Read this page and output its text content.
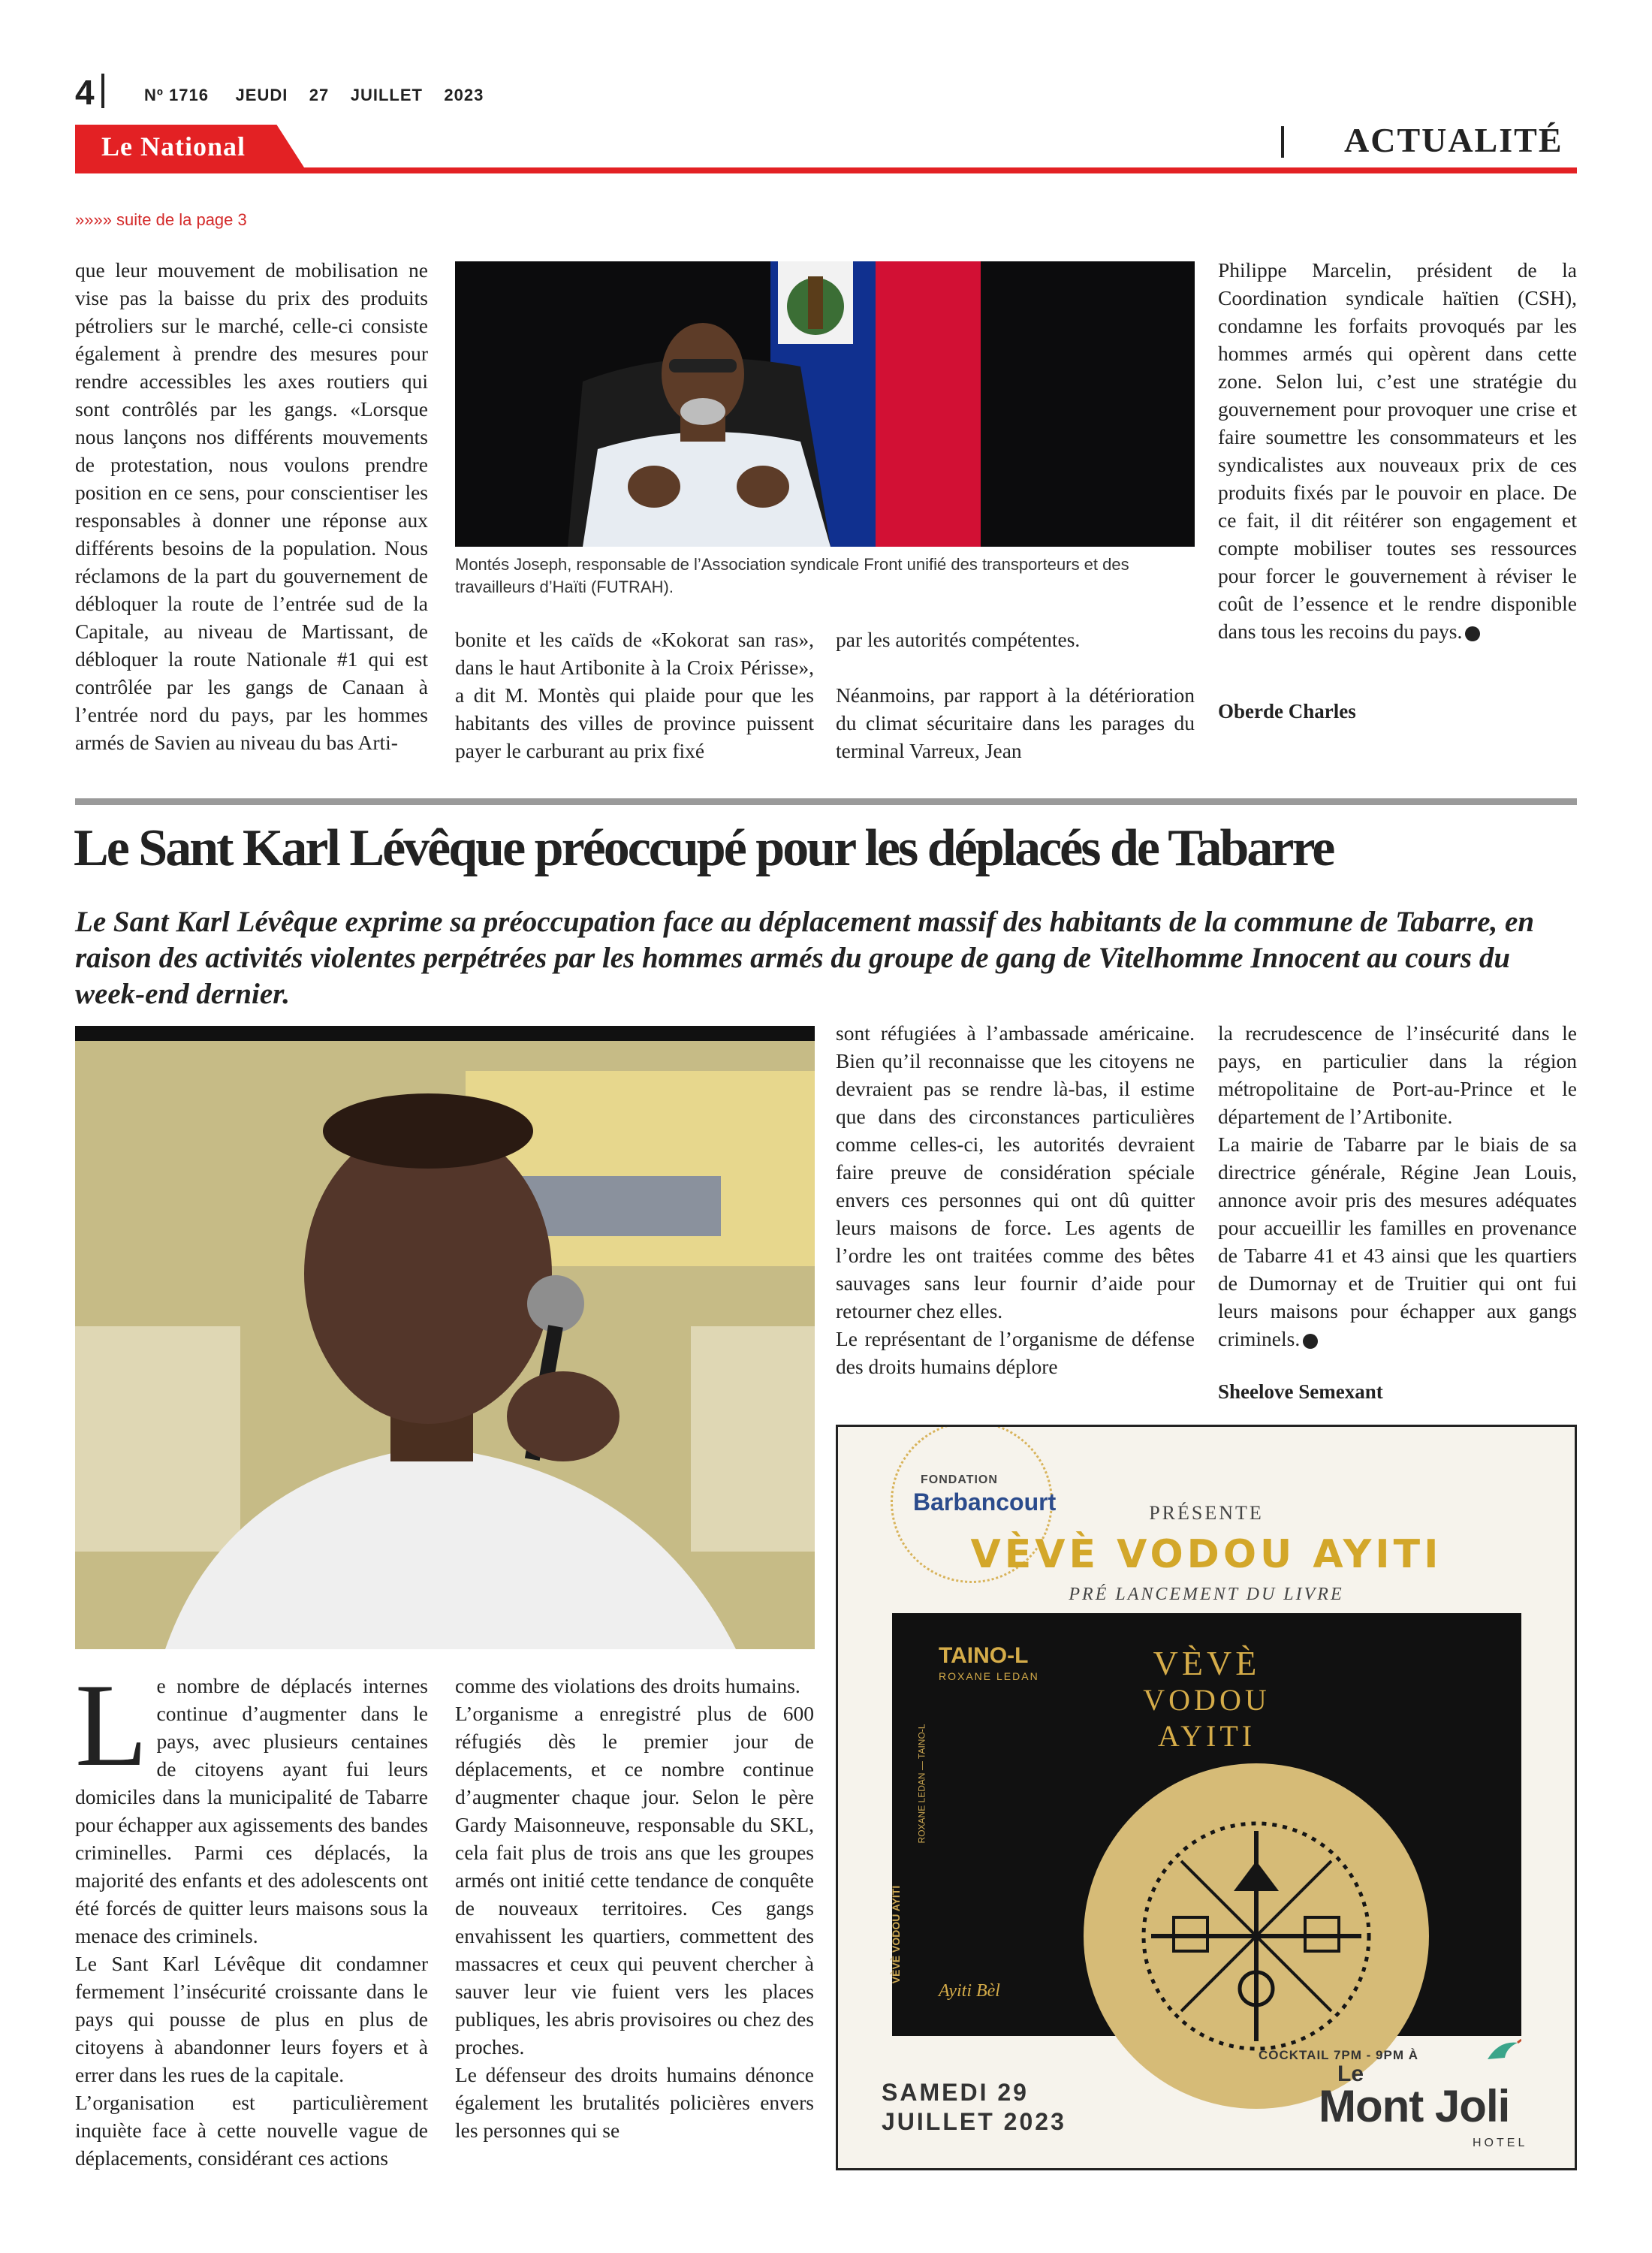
4	Nº 1716 JEUDI 27 JUILLET 2023
Le National	ACTUALITÉ
»»»» suite de la page 3
que leur mouvement de mobilisation ne vise pas la baisse du prix des produits pétroliers sur le marché, celle-ci consiste également à prendre des mesures pour rendre accessibles les axes routiers qui sont contrôlés par les gangs. «Lorsque nous lançons nos différents mouvements de protestation, nous voulons prendre position en ce sens, pour conscientiser les responsables à donner une réponse aux différents besoins de la population. Nous réclamons de la part du gouvernement de débloquer la route de l’entrée sud de la Capitale, au niveau de Martissant, de débloquer la route Nationale #1 qui est contrôlée par les gangs de Canaan à l’entrée nord du pays, par les hommes armés de Savien au niveau du bas Arti-
Montés Joseph, responsable de l’Association syndicale Front unifié des transporteurs et des travailleurs d’Haïti (FUTRAH).
bonite et les caïds de «Kokorat san ras», dans le haut Artibonite à la Croix Périsse», a dit M. Montès qui plaide pour que les habitants des villes de province puissent payer le carburant au prix fixé

par les autorités compétentes.

Néanmoins, par rapport à la détérioration du climat sécuritaire dans les parages du terminal Varreux, Jean

Philippe Marcelin, président de la Coordination syndicale haïtien (CSH), condamne les forfaits provoqués par les hommes armés qui opèrent dans cette zone. Selon lui, c’est une stratégie du gouvernement pour provoquer une crise et faire soumettre les consommateurs et les syndicalistes aux nouveaux prix de ces produits fixés par le pouvoir en place. De ce fait, il dit réitérer son engagement et compte mobiliser toutes ses ressources pour forcer le gouvernement à réviser le coût de l’essence et le rendre disponible dans tous les recoins du pays.
Oberde Charles
Le Sant Karl Lévêque préoccupé pour les déplacés de Tabarre
Le Sant Karl Lévêque exprime sa préoccupation face au déplacement massif des habitants de la commune de Tabarre, en raison des activités violentes perpétrées par les hommes armés du groupe de gang de Vitelhomme Innocent au cours du week-end dernier.
L e nombre de déplacés internes continue d’augmenter dans le pays, avec plusieurs centaines de citoyens ayant fui leurs domiciles dans la municipalité de Tabarre pour échapper aux agissements des bandes criminelles. Parmi ces déplacés, la majorité des enfants et des adolescents ont été forcés de quitter leurs maisons sous la menace des criminels.

Le Sant Karl Lévêque dit condamner fermement l’insécurité croissante dans le pays qui pousse de plus en plus de citoyens à abandonner leurs foyers et à errer dans les rues de la capitale.

L’organisation est particulièrement inquiète face à cette nouvelle vague de déplacements, considérant ces actions

comme des violations des droits humains.

L’organisme a enregistré plus de 600 réfugiés dès le premier jour de déplacements, et ce nombre continue d’augmenter chaque jour. Selon le père Gardy Maisonneuve, responsable du SKL, cela fait plus de trois ans que les groupes armés ont initié cette tendance de conquête de nouveaux territoires. Ces gangs envahissent les quartiers, commettent des massacres et ceux qui peuvent chercher à sauver leur vie fuient vers les places publiques, les abris provisoires ou chez des proches.

Le défenseur des droits humains dénonce également les brutalités policières envers les personnes qui se

sont réfugiées à l’ambassade américaine. Bien qu’il reconnaisse que les citoyens ne devraient pas se rendre là-bas, il estime que dans des circonstances particulières comme celles-ci, les autorités devraient faire preuve de considération spéciale envers ces personnes qui ont dû quitter leurs maisons de force. Les agents de l’ordre les ont traitées comme des bêtes sauvages sans leur fournir d’aide pour retourner chez elles.

Le représentant de l’organisme de défense des droits humains déplore

la recrudescence de l’insécurité dans le pays, en particulier dans la région métropolitaine de Port-au-Prince et le département de l’Artibonite.

La mairie de Tabarre par le biais de sa directrice générale, Régine Jean Louis, annonce avoir pris des mesures adéquates pour accueillir les familles en provenance de Tabarre 41 et 43 ainsi que les quartiers de Dumornay et de Truitier qui ont fui leurs maisons pour échapper aux gangs criminels.

Sheelove Semexant
FONDATION
Barbancourt	PRÉSENTE
VÈVÈ VODOU AYITI
PRÉ LANCEMENT DU LIVRE
TAINO-L
ROXANE LEDAN
ROXANE LEDAN — TAINO-L
VÈVÈ VODOU AYITI
VÈVÈ
VODOU
AYITI
Ayiti Bèl
COCKTAIL 7PM - 9PM À
SAMEDI 29
JUILLET 2023
Le
Mont Joli
HOTEL
